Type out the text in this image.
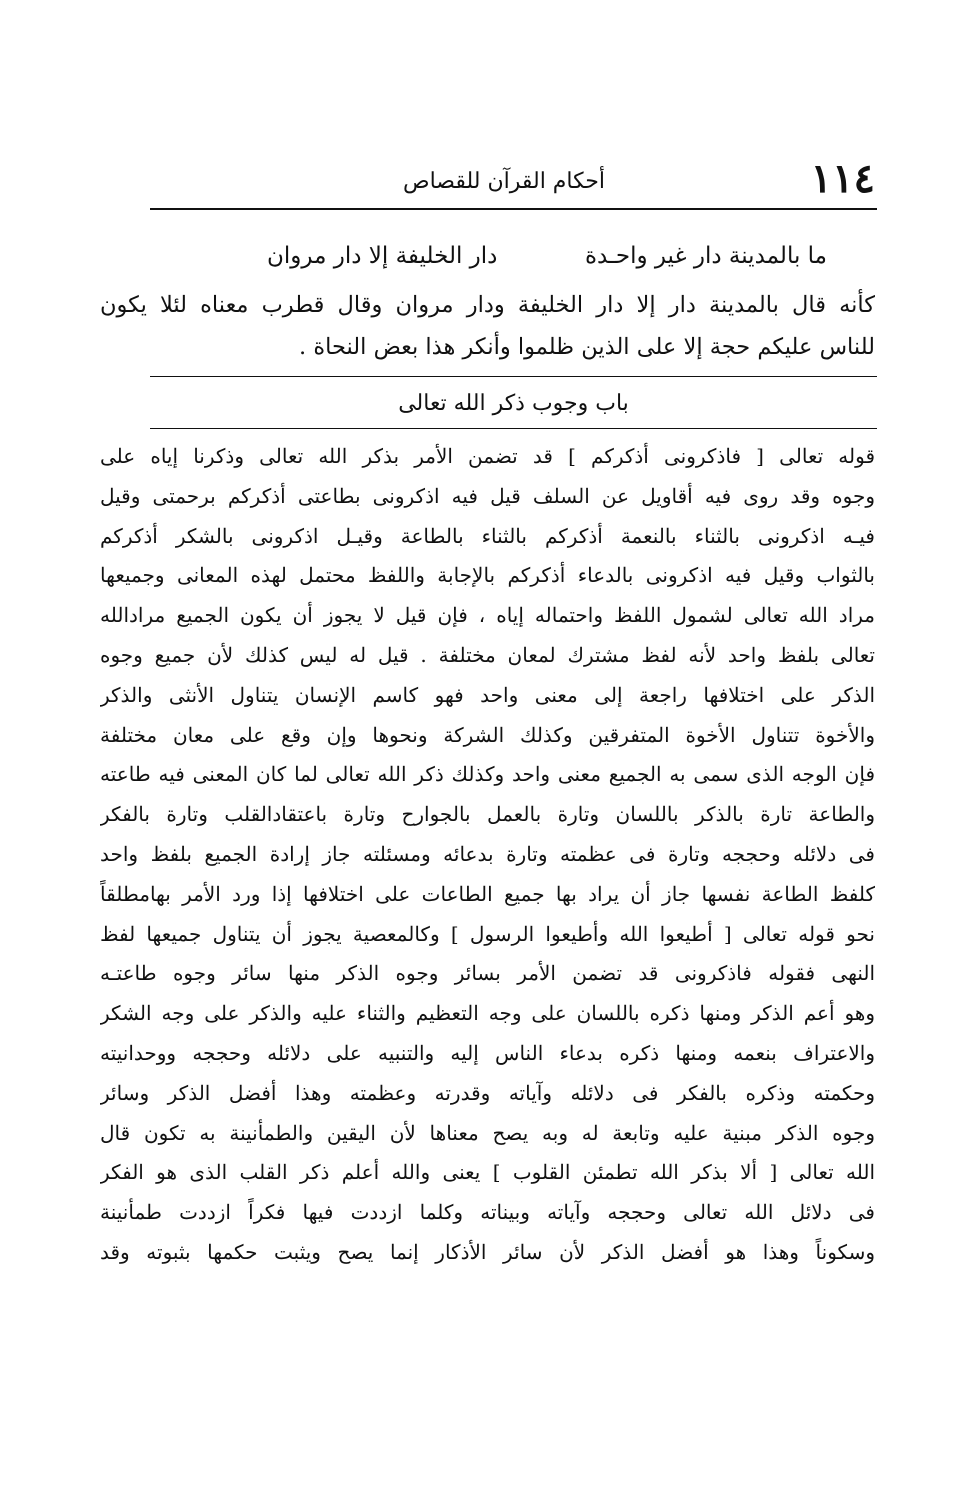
١١٤
أحكام القرآن للقصاص
ما بالمدينة دار غير واحـدة
دار الخليفة إلا دار مروان
كأنه قال بالمدينة دار إلا دار الخليفة ودار مروان وقال قطرب معناه لئلا يكون
للناس عليكم حجة إلا على الذين ظلموا وأنكر هذا بعض النحاة .
باب وجوب ذكر الله تعالى
قوله تعالى [ فاذكرونى أذكركم ] قد تضمن الأمر بذكر الله تعالى وذكرنا إياه على
وجوه وقد روى فيه أقاويل عن السلف قيل فيه اذكرونى بطاعتى أذكركم برحمتى وقيل
فيـه اذكرونى بالثناء بالنعمة أذكركم بالثناء بالطاعة وقيـل اذكرونى بالشكر أذكركم
بالثواب وقيل فيه اذكرونى بالدعاء أذكركم بالإجابة واللفظ محتمل لهذه المعانى وجميعها
مراد الله تعالى لشمول اللفظ واحتماله إياه ، فإن قيل لا يجوز أن يكون الجميع مرادالله
تعالى بلفظ واحد لأنه لفظ مشترك لمعان مختلفة . قيل له ليس كذلك لأن جميع وجوه
الذكر على اختلافها راجعة إلى معنى واحد فهو كاسم الإنسان يتناول الأنثى والذكر
والأخوة تتناول الأخوة المتفرقين وكذلك الشركة ونحوها وإن وقع على معان مختلفة
فإن الوجه الذى سمى به الجميع معنى واحد وكذلك ذكر الله تعالى لما كان المعنى فيه طاعته
والطاعة تارة بالذكر باللسان وتارة بالعمل بالجوارح وتارة باعتقادالقلب وتارة بالفكر
فى دلائله وحججه وتارة فى عظمته وتارة بدعائه ومسئلته جاز إرادة الجميع بلفظ واحد
كلفظ الطاعة نفسها جاز أن يراد بها جميع الطاعات على اختلافها إذا ورد الأمر بهامطلقاً
نحو قوله تعالى [ أطيعوا الله وأطيعوا الرسول ] وكالمعصية يجوز أن يتناول جميعها لفظ
النهى فقوله فاذكرونى قد تضمن الأمر بسائر وجوه الذكر منها سائر وجوه طاعتـه
وهو أعم الذكر ومنها ذكره باللسان على وجه التعظيم والثناء عليه والذكر على وجه الشكر
والاعتراف بنعمه ومنها ذكره بدعاء الناس إليه والتنبيه على دلائله وحججه ووحدانيته
وحكمته وذكره بالفكر فى دلائله وآياته وقدرته وعظمته وهذا أفضل الذكر وسائر
وجوه الذكر مبنية عليه وتابعة له وبه يصح معناها لأن اليقين والطمأنينة به تكون قال
الله تعالى [ ألا بذكر الله تطمئن القلوب ] يعنى والله أعلم ذكر القلب الذى هو الفكر
فى دلائل الله تعالى وحججه وآياته وبيناته وكلما ازددت فيها فكراً ازددت طمأنينة
وسكوناً وهذا هو أفضل الذكر لأن سائر الأذكار إنما يصح ويثبت حكمها بثبوته وقد
